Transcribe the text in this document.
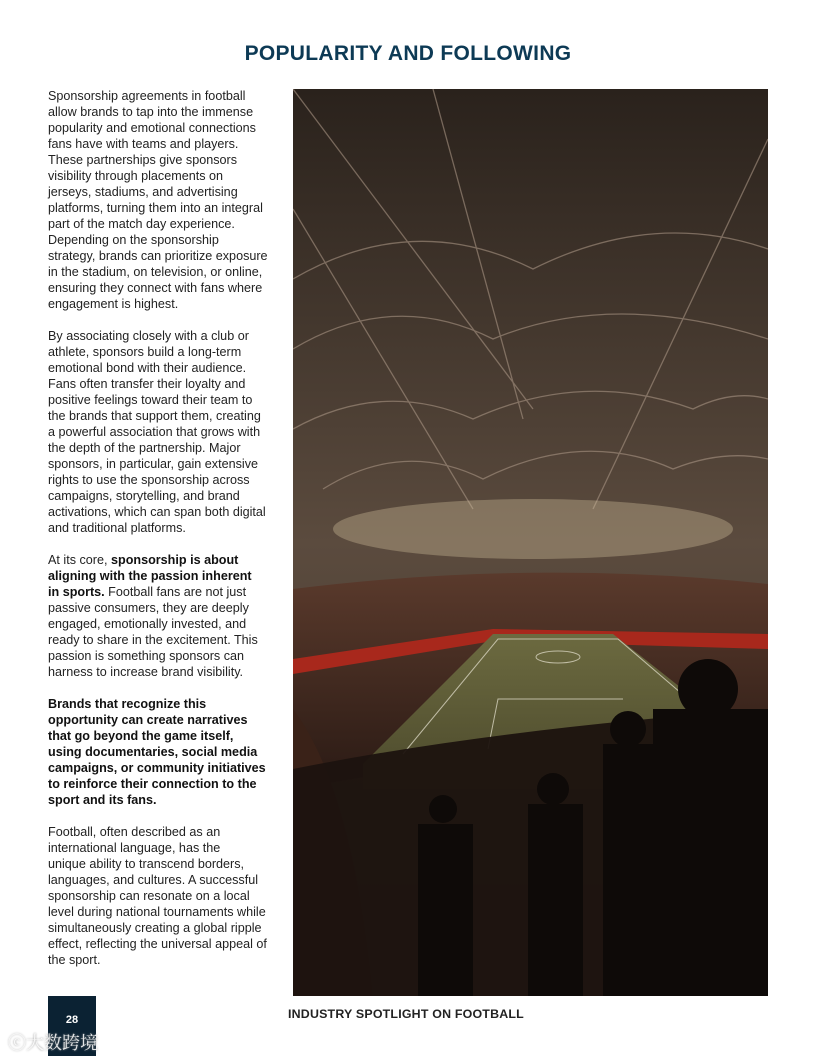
POPULARITY AND FOLLOWING
Sponsorship agreements in football
allow brands to tap into the immense
popularity and emotional connections
fans have with teams and players.
These partnerships give sponsors
visibility through placements on
jerseys, stadiums, and advertising
platforms, turning them into an integral
part of the match day experience.
Depending on the sponsorship
strategy, brands can prioritize exposure
in the stadium, on television, or online,
ensuring they connect with fans where
engagement is highest.
By associating closely with a club or
athlete, sponsors build a long-term
emotional bond with their audience.
Fans often transfer their loyalty and
positive feelings toward their team to
the brands that support them, creating
a powerful association that grows with
the depth of the partnership. Major
sponsors, in particular, gain extensive
rights to use the sponsorship across
campaigns, storytelling, and brand
activations, which can span both digital
and traditional platforms.
At its core, sponsorship is about
aligning with the passion inherent
in sports. Football fans are not just
passive consumers, they are deeply
engaged, emotionally invested, and
ready to share in the excitement. This
passion is something sponsors can
harness to increase brand visibility.
Brands that recognize this
opportunity can create narratives
that go beyond the game itself,
using documentaries, social media
campaigns, or community initiatives
to reinforce their connection to the
sport and its fans.
Football, often described as an
international language, has the
unique ability to transcend borders,
languages, and cultures. A successful
sponsorship can resonate on a local
level during national tournaments while
simultaneously creating a global ripple
effect, reflecting the universal appeal of
the sport.
28	INDUSTRY SPOTLIGHT ON FOOTBALL
ⓒ大数跨境
